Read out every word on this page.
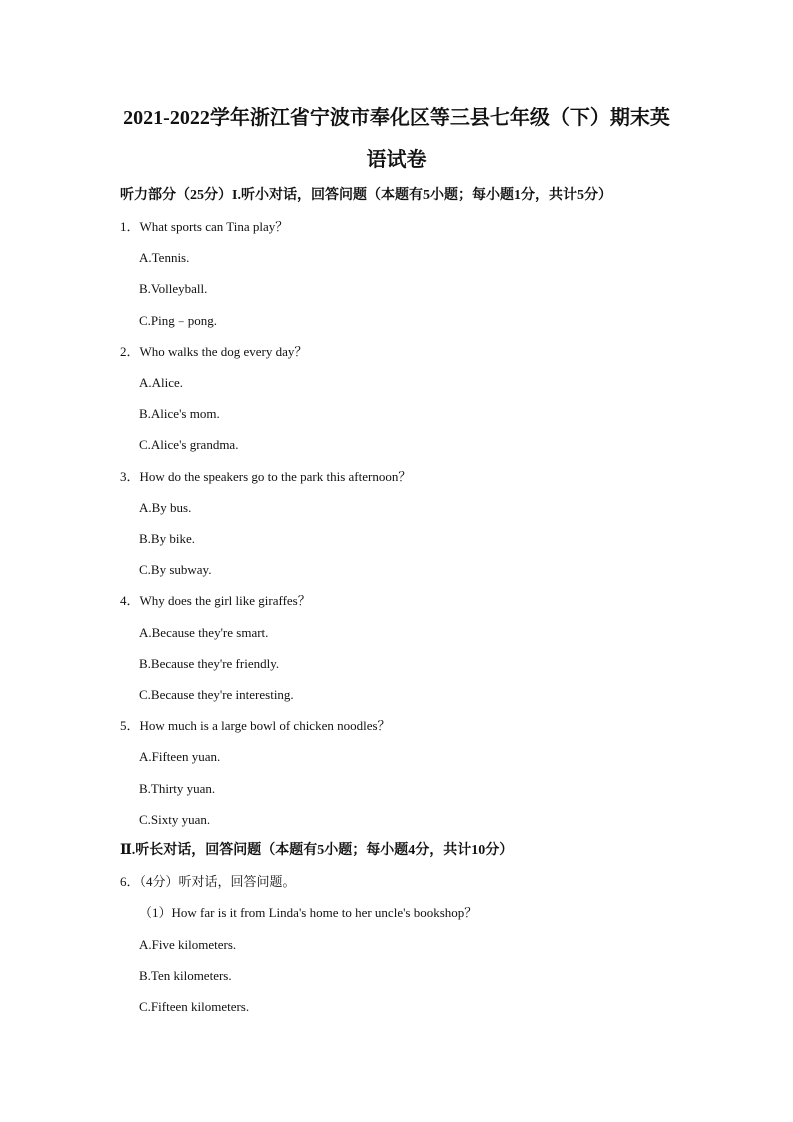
2021-2022学年浙江省宁波市奉化区等三县七年级（下）期末英
语试卷
听力部分（25分）I.听小对话，回答问题（本题有5小题；每小题1分，共计5分）
1．What sports can Tina play？
A.Tennis.
B.Volleyball.
C.Ping﹣pong.
2．Who walks the dog every day？
A.Alice.
B.Alice's mom.
C.Alice's grandma.
3．How do the speakers go to the park this afternoon？
A.By bus.
B.By bike.
C.By subway.
4．Why does the girl like giraffes？
A.Because they're smart.
B.Because they're friendly.
C.Because they're interesting.
5．How much is a large bowl of chicken noodles？
A.Fifteen yuan.
B.Thirty yuan.
C.Sixty yuan.
Ⅱ.听长对话，回答问题（本题有5小题；每小题4分，共计10分）
6．（4分）听对话，回答问题。
（1）How far is it from Linda's home to her uncle's bookshop？
A.Five kilometers.
B.Ten kilometers.
C.Fifteen kilometers.
